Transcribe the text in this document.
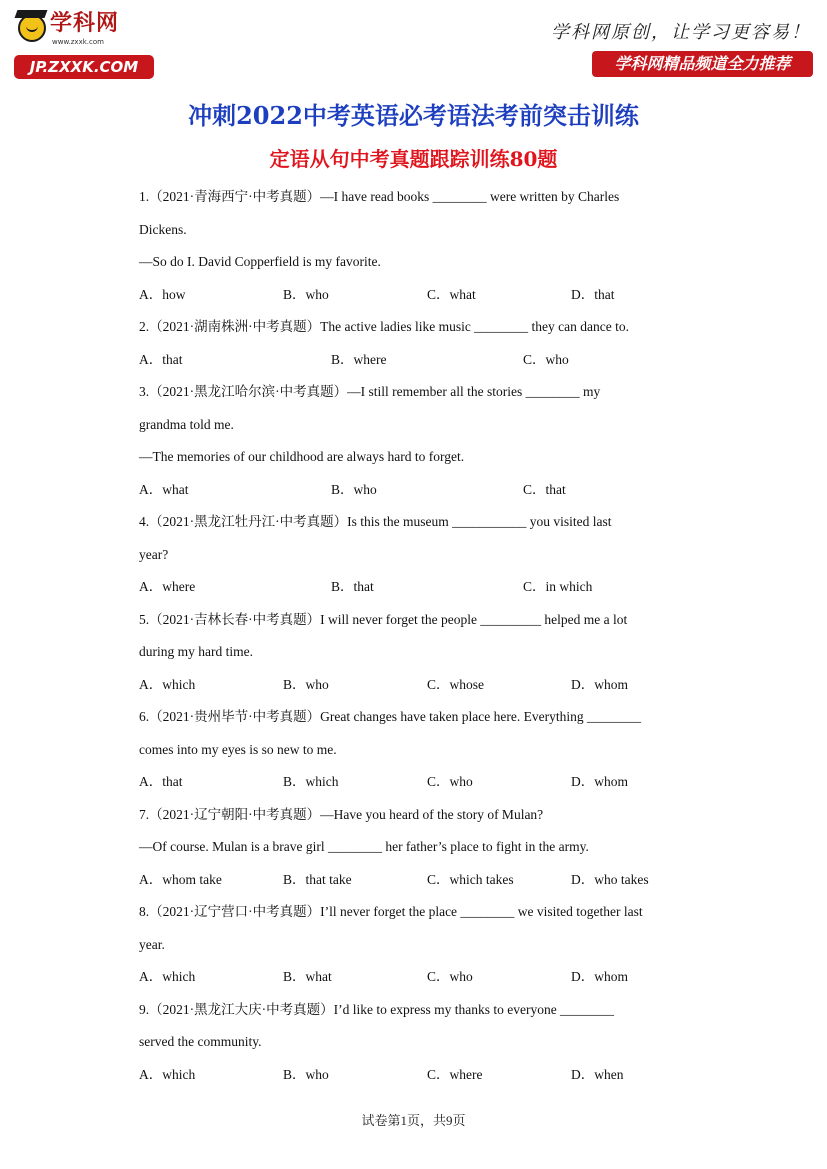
学科网
www.zxxk.com
JP.ZXXK.COM
学科网原创，让学习更容易！
学科网精品频道全力推荐
冲刺2022中考英语必考语法考前突击训练
定语从句中考真题跟踪训练80题
1.（2021·青海西宁·中考真题）—I have read books ________ were written by Charles
Dickens.
—So do I. David Copperfield is my favorite.
A．how	B．who	C．what	D．that
2.（2021·湖南株洲·中考真题）The active ladies like music ________ they can dance to.
A．that	B．where	C．who
3.（2021·黑龙江哈尔滨·中考真题）—I still remember all the stories ________ my
grandma told me.
—The memories of our childhood are always hard to forget.
A．what	B．who	C．that
4.（2021·黑龙江牡丹江·中考真题）Is this the museum ___________ you visited last
year?
A．where	B．that	C．in which
5.（2021·吉林长春·中考真题）I will never forget the people _________ helped me a lot
during my hard time.
A．which	B．who	C．whose	D．whom
6.（2021·贵州毕节·中考真题）Great changes have taken place here. Everything ________
comes into my eyes is so new to me.
A．that	B．which	C．who	D．whom
7.（2021·辽宁朝阳·中考真题）—Have you heard of the story of Mulan?
—Of course. Mulan is a brave girl ________ her father’s place to fight in the army.
A．whom take	B．that take	C．which takes	D．who takes
8.（2021·辽宁营口·中考真题）I’ll never forget the place ________ we visited together last
year.
A．which	B．what	C．who	D．whom
9.（2021·黑龙江大庆·中考真题）I’d like to express my thanks to everyone ________
served the community.
A．which	B．who	C．where	D．when
试卷第1页，共9页
